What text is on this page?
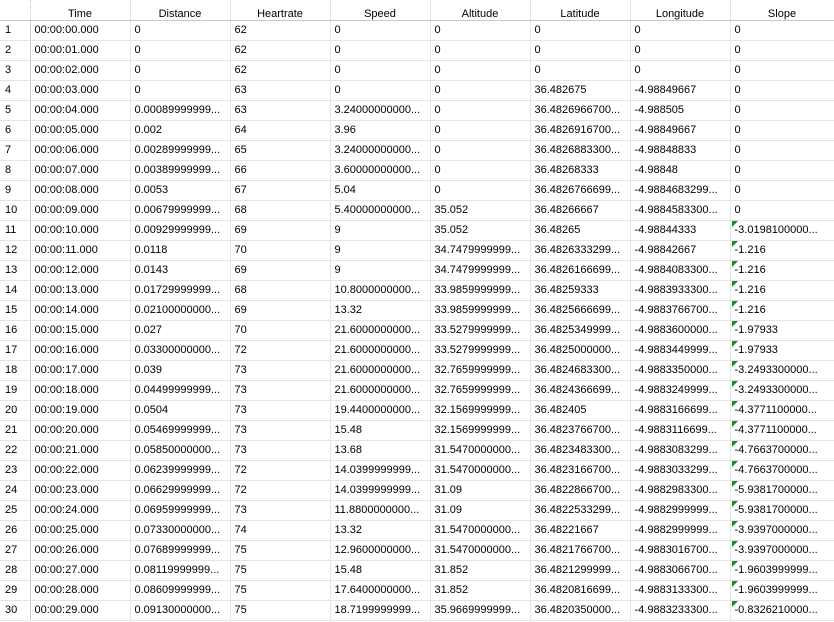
	Time	Distance	Heartrate	Speed	Altitude	Latitude	Longitude	Slope
1	00:00:00.000	0	62	0	0	0	0	0
2	00:00:01.000	0	62	0	0	0	0	0
3	00:00:02.000	0	62	0	0	0	0	0
4	00:00:03.000	0	63	0	0	36.482675	-4.98849667	0
5	00:00:04.000	0.00089999999...	63	3.24000000000...	0	36.4826966700...	-4.988505	0
6	00:00:05.000	0.002	64	3.96	0	36.4826916700...	-4.98849667	0
7	00:00:06.000	0.00289999999...	65	3.24000000000...	0	36.4826883300...	-4.98848833	0
8	00:00:07.000	0.00389999999...	66	3.60000000000...	0	36.48268333	-4.98848	0
9	00:00:08.000	0.0053	67	5.04	0	36.4826766699...	-4.9884683299...	0
10	00:00:09.000	0.00679999999...	68	5.40000000000...	35.052	36.48266667	-4.9884583300...	0
11	00:00:10.000	0.00929999999...	69	9	35.052	36.48265	-4.98844333	-3.0198100000...
12	00:00:11.000	0.0118	70	9	34.7479999999...	36.4826333299...	-4.98842667	-1.216
13	00:00:12.000	0.0143	69	9	34.7479999999...	36.4826166699...	-4.9884083300...	-1.216
14	00:00:13.000	0.01729999999...	68	10.8000000000...	33.9859999999...	36.48259333	-4.9883933300...	-1.216
15	00:00:14.000	0.02100000000...	69	13.32	33.9859999999...	36.4825666699...	-4.9883766700...	-1.216
16	00:00:15.000	0.027	70	21.6000000000...	33.5279999999...	36.4825349999...	-4.9883600000...	-1.97933
17	00:00:16.000	0.03300000000...	72	21.6000000000...	33.5279999999...	36.4825000000...	-4.9883449999...	-1.97933
18	00:00:17.000	0.039	73	21.6000000000...	32.7659999999...	36.4824683300...	-4.9883350000...	-3.2493300000...
19	00:00:18.000	0.04499999999...	73	21.6000000000...	32.7659999999...	36.4824366699...	-4.9883249999...	-3.2493300000...
20	00:00:19.000	0.0504	73	19.4400000000...	32.1569999999...	36.482405	-4.9883166699...	-4.3771100000...
21	00:00:20.000	0.05469999999...	73	15.48	32.1569999999...	36.4823766700...	-4.9883116699...	-4.3771100000...
22	00:00:21.000	0.05850000000...	73	13.68	31.5470000000...	36.4823483300...	-4.9883083299...	-4.7663700000...
23	00:00:22.000	0.06239999999...	72	14.0399999999...	31.5470000000...	36.4823166700...	-4.9883033299...	-4.7663700000...
24	00:00:23.000	0.06629999999...	72	14.0399999999...	31.09	36.4822866700...	-4.9882983300...	-5.9381700000...
25	00:00:24.000	0.06959999999...	73	11.8800000000...	31.09	36.4822533299...	-4.9882999999...	-5.9381700000...
26	00:00:25.000	0.07330000000...	74	13.32	31.5470000000...	36.48221667	-4.9882999999...	-3.9397000000...
27	00:00:26.000	0.07689999999...	75	12.9600000000...	31.5470000000...	36.4821766700...	-4.9883016700...	-3.9397000000...
28	00:00:27.000	0.08119999999...	75	15.48	31.852	36.4821299999...	-4.9883066700...	-1.9603999999...
29	00:00:28.000	0.08609999999...	75	17.6400000000...	31.852	36.4820816699...	-4.9883133300...	-1.9603999999...
30	00:00:29.000	0.09130000000...	75	18.7199999999...	35.9669999999...	36.4820350000...	-4.9883233300...	-0.8326210000...
